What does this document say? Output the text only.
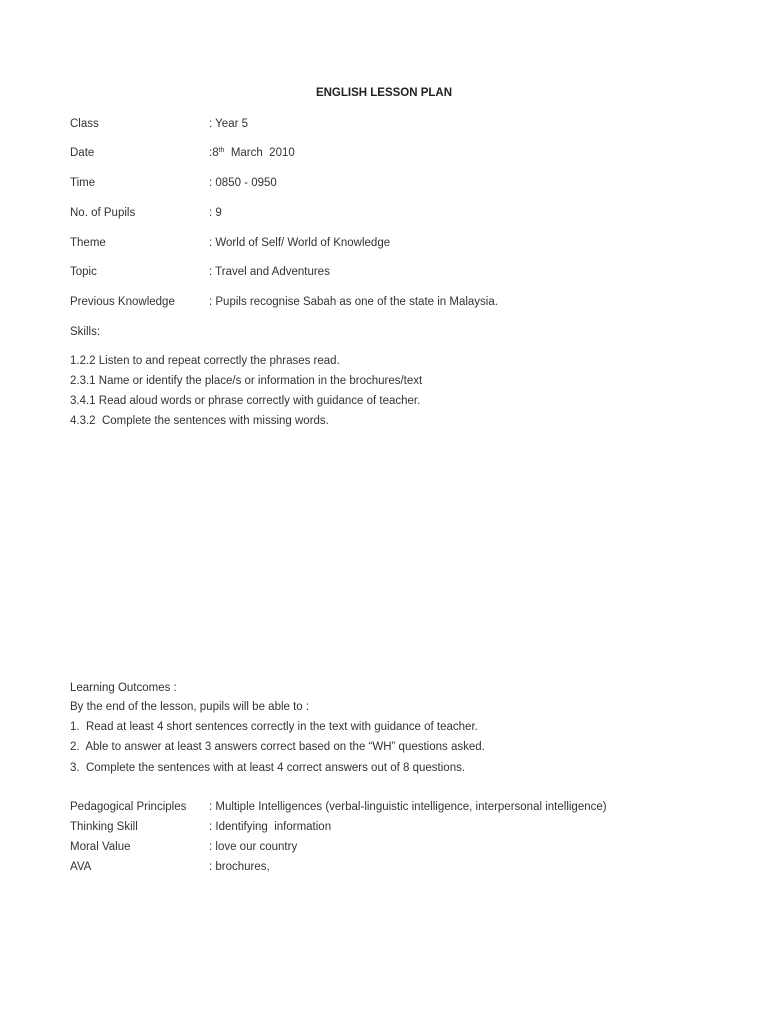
ENGLISH LESSON PLAN
Class	: Year 5
Date	:8th  March  2010
Time	: 0850 - 0950
No. of Pupils	: 9
Theme	: World of Self/ World of Knowledge
Topic	: Travel and Adventures
Previous Knowledge	: Pupils recognise Sabah as one of the state in Malaysia.
Skills:
1.2.2 Listen to and repeat correctly the phrases read.
2.3.1 Name or identify the place/s or information in the brochures/text
3.4.1 Read aloud words or phrase correctly with guidance of teacher.
4.3.2  Complete the sentences with missing words.
Learning Outcomes :
By the end of the lesson, pupils will be able to :
1.  Read at least 4 short sentences correctly in the text with guidance of teacher.
2.  Able to answer at least 3 answers correct based on the “WH” questions asked.
3.  Complete the sentences with at least 4 correct answers out of 8 questions.
Pedagogical Principles : Multiple Intelligences (verbal-linguistic intelligence, interpersonal intelligence)
Thinking Skill	: Identifying  information
Moral Value	: love our country
AVA	: brochures,
